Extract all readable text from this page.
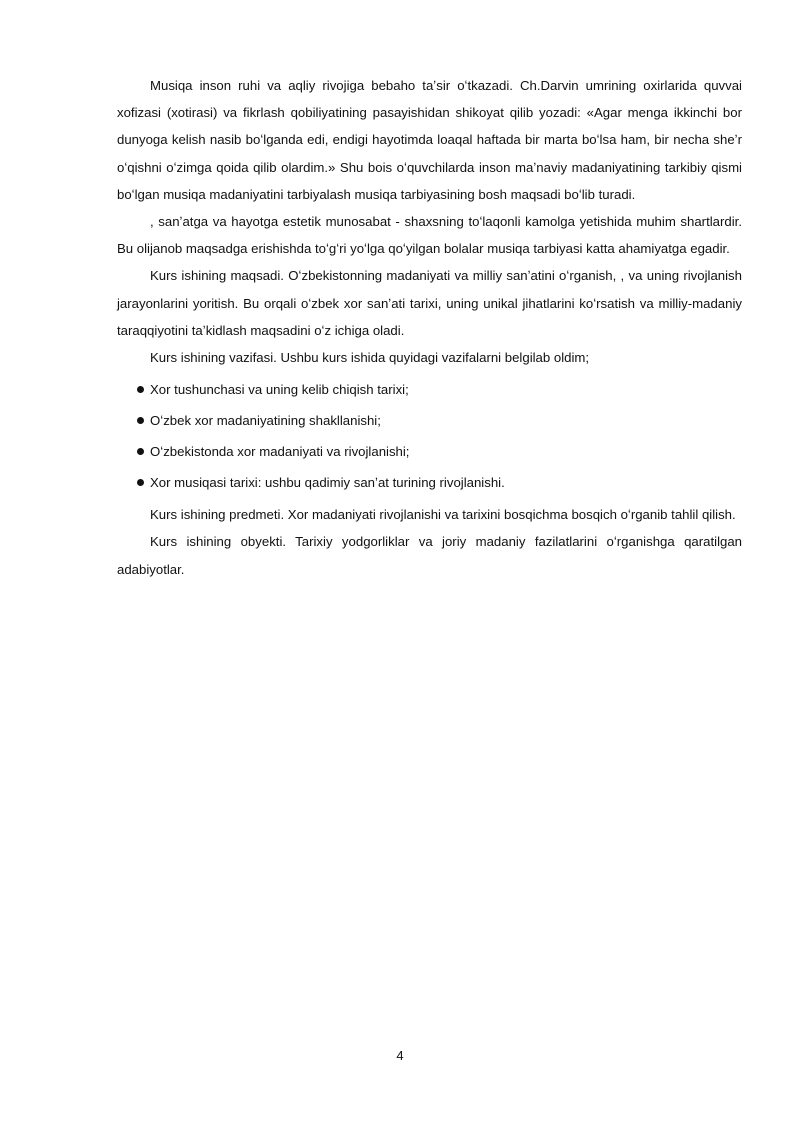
Musiqa inson ruhi va aqliy rivojiga bebaho taʼsir oʻtkazadi. Ch.Darvin umrining oxirlarida quvvai xofizasi (xotirasi) va fikrlash qobiliyatining pasayishidan shikoyat qilib yozadi: «Agar menga ikkinchi bor dunyoga kelish nasib boʻlganda edi, endigi hayotimda loaqal haftada bir marta boʻlsa ham, bir necha sheʼr oʻqishni oʻzimga qoida qilib olardim.» Shu bois oʻquvchilarda inson maʼnaviy madaniyatining tarkibiy qismi boʻlgan musiqa madaniyatini tarbiyalash musiqa tarbiyasining bosh maqsadi boʻlib turadi.

, sanʼatga va hayotga estetik munosabat - shaxsning toʻlaqonli kamolga yetishida muhim shartlardir. Bu olijanob maqsadga erishishda toʻgʻri yoʻlga qoʻyilgan bolalar musiqa tarbiyasi katta ahamiyatga egadir.

Kurs ishining maqsadi. Oʻzbekistonning madaniyati va milliy sanʼatini oʻrganish, , va uning rivojlanish jarayonlarini yoritish. Bu orqali oʻzbek xor sanʼati tarixi, uning unikal jihatlarini koʻrsatish va milliy-madaniy taraqqiyotini taʼkidlash maqsadini oʻz ichiga oladi.

Kurs ishining vazifasi. Ushbu kurs ishida quyidagi vazifalarni belgilab oldim;

Xor tushunchasi va uning kelib chiqish tarixi;
Oʻzbek xor madaniyatining shakllanishi;
Oʻzbekistonda xor madaniyati va rivojlanishi;
Xor musiqasi tarixi: ushbu qadimiy sanʼat turining rivojlanishi.

Kurs ishining predmeti. Xor madaniyati rivojlanishi va tarixini bosqichma bosqich oʻrganib tahlil qilish.

Kurs ishining obyekti. Tarixiy yodgorliklar va joriy madaniy fazilatlarini oʻrganishga qaratilgan adabiyotlar.

4
